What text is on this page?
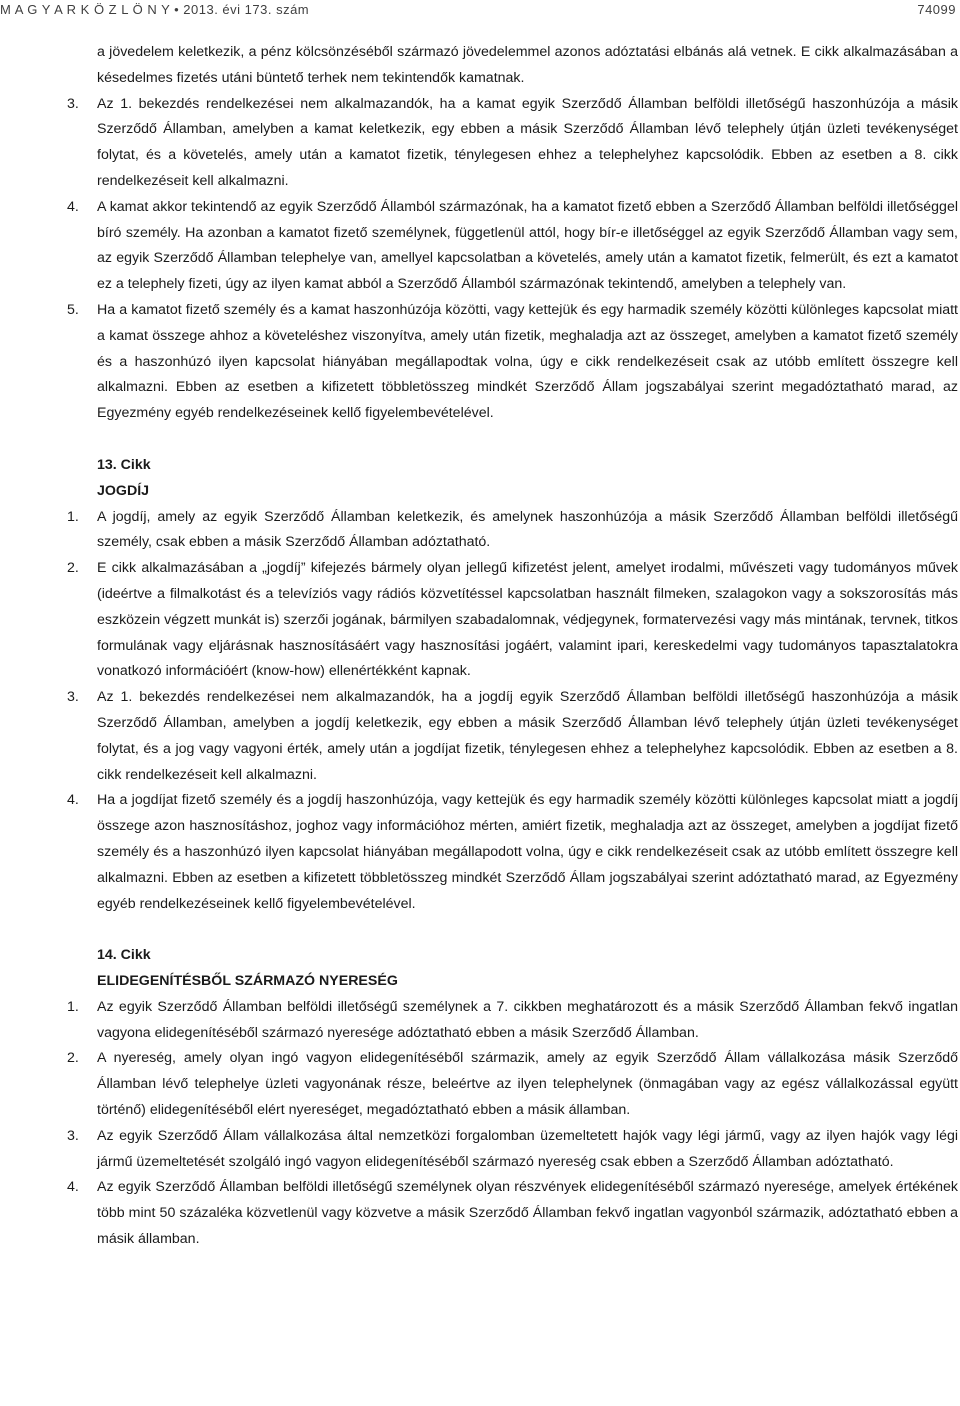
M A G Y A R K Ö Z L Ö N Y • 2013. évi 173. szám	74099
a jövedelem keletkezik, a pénz kölcsönzéséből származó jövedelemmel azonos adóztatási elbánás alá vetnek. E cikk alkalmazásában a késedelmes fizetés utáni büntető terhek nem tekintendők kamatnak.
3. Az 1. bekezdés rendelkezései nem alkalmazandók, ha a kamat egyik Szerződő Államban belföldi illetőségű haszonhúzója a másik Szerződő Államban, amelyben a kamat keletkezik, egy ebben a másik Szerződő Államban lévő telephely útján üzleti tevékenységet folytat, és a követelés, amely után a kamatot fizetik, ténylegesen ehhez a telephelyhez kapcsolódik. Ebben az esetben a 8. cikk rendelkezéseit kell alkalmazni.
4. A kamat akkor tekintendő az egyik Szerződő Államból származónak, ha a kamatot fizető ebben a Szerződő Államban belföldi illetőséggel bíró személy. Ha azonban a kamatot fizető személynek, függetlenül attól, hogy bír-e illetőséggel az egyik Szerződő Államban vagy sem, az egyik Szerződő Államban telephelye van, amellyel kapcsolatban a követelés, amely után a kamatot fizetik, felmerült, és ezt a kamatot ez a telephely fizeti, úgy az ilyen kamat abból a Szerződő Államból származónak tekintendő, amelyben a telephely van.
5. Ha a kamatot fizető személy és a kamat haszonhúzója közötti, vagy kettejük és egy harmadik személy közötti különleges kapcsolat miatt a kamat összege ahhoz a követeléshez viszonyítva, amely után fizetik, meghaladja azt az összeget, amelyben a kamatot fizető személy és a haszonhúzó ilyen kapcsolat hiányában megállapodtak volna, úgy e cikk rendelkezéseit csak az utóbb említett összegre kell alkalmazni. Ebben az esetben a kifizetett többletösszeg mindkét Szerződő Állam jogszabályai szerint megadóztatható marad, az Egyezmény egyéb rendelkezéseinek kellő figyelembevételével.
13. Cikk
JOGDÍJ
1. A jogdíj, amely az egyik Szerződő Államban keletkezik, és amelynek haszonhúzója a másik Szerződő Államban belföldi illetőségű személy, csak ebben a másik Szerződő Államban adóztatható.
2. E cikk alkalmazásában a „jogdíj” kifejezés bármely olyan jellegű kifizetést jelent, amelyet irodalmi, művészeti vagy tudományos művek (ideértve a filmalkotást és a televíziós vagy rádiós közvetítéssel kapcsolatban használt filmeken, szalagokon vagy a sokszorosítás más eszközein végzett munkát is) szerzői jogának, bármilyen szabadalomnak, védjegynek, formatervezési vagy más mintának, tervnek, titkos formulának vagy eljárásnak hasznosításáért vagy hasznosítási jogáért, valamint ipari, kereskedelmi vagy tudományos tapasztalatokra vonatkozó információért (know-how) ellenértékként kapnak.
3. Az 1. bekezdés rendelkezései nem alkalmazandók, ha a jogdíj egyik Szerződő Államban belföldi illetőségű haszonhúzója a másik Szerződő Államban, amelyben a jogdíj keletkezik, egy ebben a másik Szerződő Államban lévő telephely útján üzleti tevékenységet folytat, és a jog vagy vagyoni érték, amely után a jogdíjat fizetik, ténylegesen ehhez a telephelyhez kapcsolódik. Ebben az esetben a 8. cikk rendelkezéseit kell alkalmazni.
4. Ha a jogdíjat fizető személy és a jogdíj haszonhúzója, vagy kettejük és egy harmadik személy közötti különleges kapcsolat miatt a jogdíj összege azon hasznosításhoz, joghoz vagy információhoz mérten, amiért fizetik, meghaladja azt az összeget, amelyben a jogdíjat fizető személy és a haszonhúzó ilyen kapcsolat hiányában megállapodott volna, úgy e cikk rendelkezéseit csak az utóbb említett összegre kell alkalmazni. Ebben az esetben a kifizetett többletösszeg mindkét Szerződő Állam jogszabályai szerint adóztatható marad, az Egyezmény egyéb rendelkezéseinek kellő figyelembevételével.
14. Cikk
ELIDEGENÍTÉSBŐL SZÁRMAZÓ NYERESÉG
1. Az egyik Szerződő Államban belföldi illetőségű személynek a 7. cikkben meghatározott és a másik Szerződő Államban fekvő ingatlan vagyona elidegenítéséből származó nyeresége adóztatható ebben a másik Szerződő Államban.
2. A nyereség, amely olyan ingó vagyon elidegenítéséből származik, amely az egyik Szerződő Állam vállalkozása másik Szerződő Államban lévő telephelye üzleti vagyonának része, beleértve az ilyen telephelynek (önmagában vagy az egész vállalkozással együtt történő) elidegenítéséből elért nyereséget, megadóztatható ebben a másik államban.
3. Az egyik Szerződő Állam vállalkozása által nemzetközi forgalomban üzemeltetett hajók vagy légi jármű, vagy az ilyen hajók vagy légi jármű üzemeltetését szolgáló ingó vagyon elidegenítéséből származó nyereség csak ebben a Szerződő Államban adóztatható.
4. Az egyik Szerződő Államban belföldi illetőségű személynek olyan részvények elidegenítéséből származó nyeresége, amelyek értékének több mint 50 százaléka közvetlenül vagy közvetve a másik Szerződő Államban fekvő ingatlan vagyonból származik, adóztatható ebben a másik államban.
